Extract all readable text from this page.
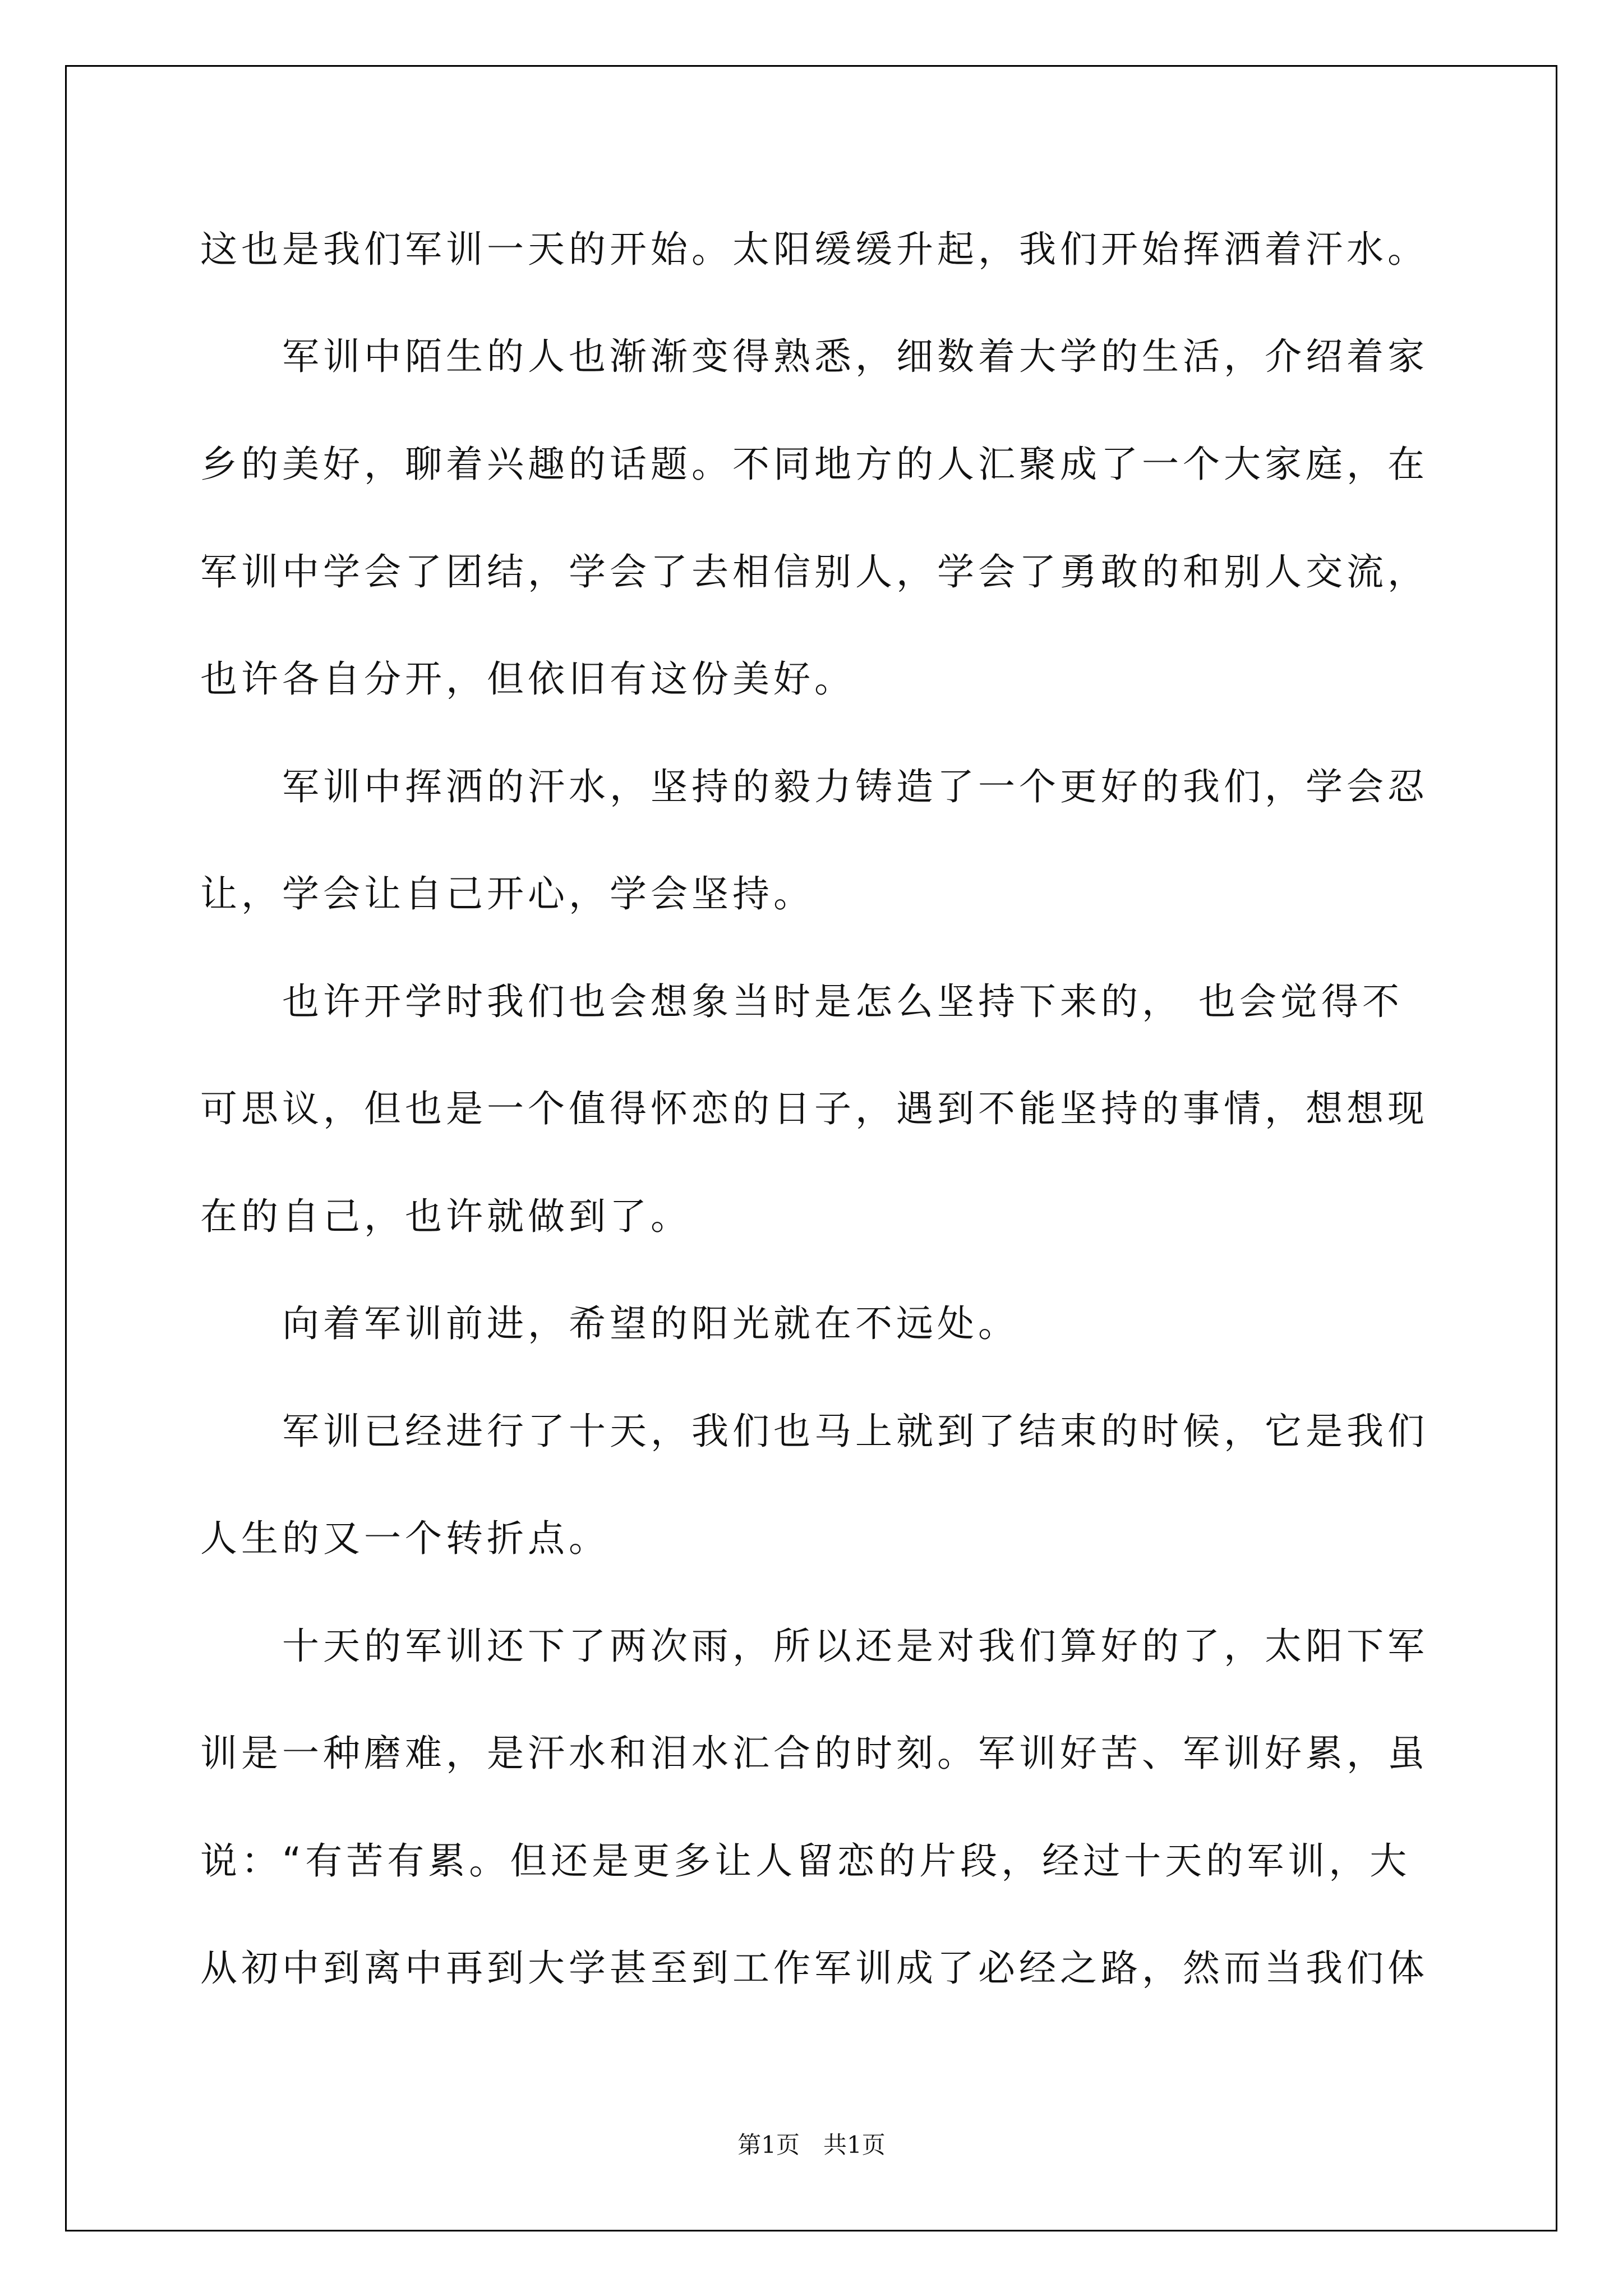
这也是我们军训一天的开始。太阳缓缓升起，我们开始挥洒着汗水。
　　军训中陌生的人也渐渐变得熟悉，细数着大学的生活，介绍着家
乡的美好，聊着兴趣的话题。不同地方的人汇聚成了一个大家庭，在
军训中学会了团结，学会了去相信别人，学会了勇敢的和别人交流，
也许各自分开，但依旧有这份美好。
　　军训中挥洒的汗水，坚持的毅力铸造了一个更好的我们，学会忍
让，学会让自己开心，学会坚持。
　　也许开学时我们也会想象当时是怎么坚持下来的， 也会觉得不
可思议，但也是一个值得怀恋的日子，遇到不能坚持的事情，想想现
在的自己，也许就做到了。
　　向着军训前进，希望的阳光就在不远处。
　　军训已经进行了十天，我们也马上就到了结束的时候，它是我们
人生的又一个转折点。
　　十天的军训还下了两次雨，所以还是对我们算好的了，太阳下军
训是一种磨难，是汗水和泪水汇合的时刻。军训好苦、军训好累，虽
说：“有苦有累。但还是更多让人留恋的片段，经过十天的军训，大
从初中到离中再到大学甚至到工作军训成了必经之路，然而当我们体
第1页　共1页
